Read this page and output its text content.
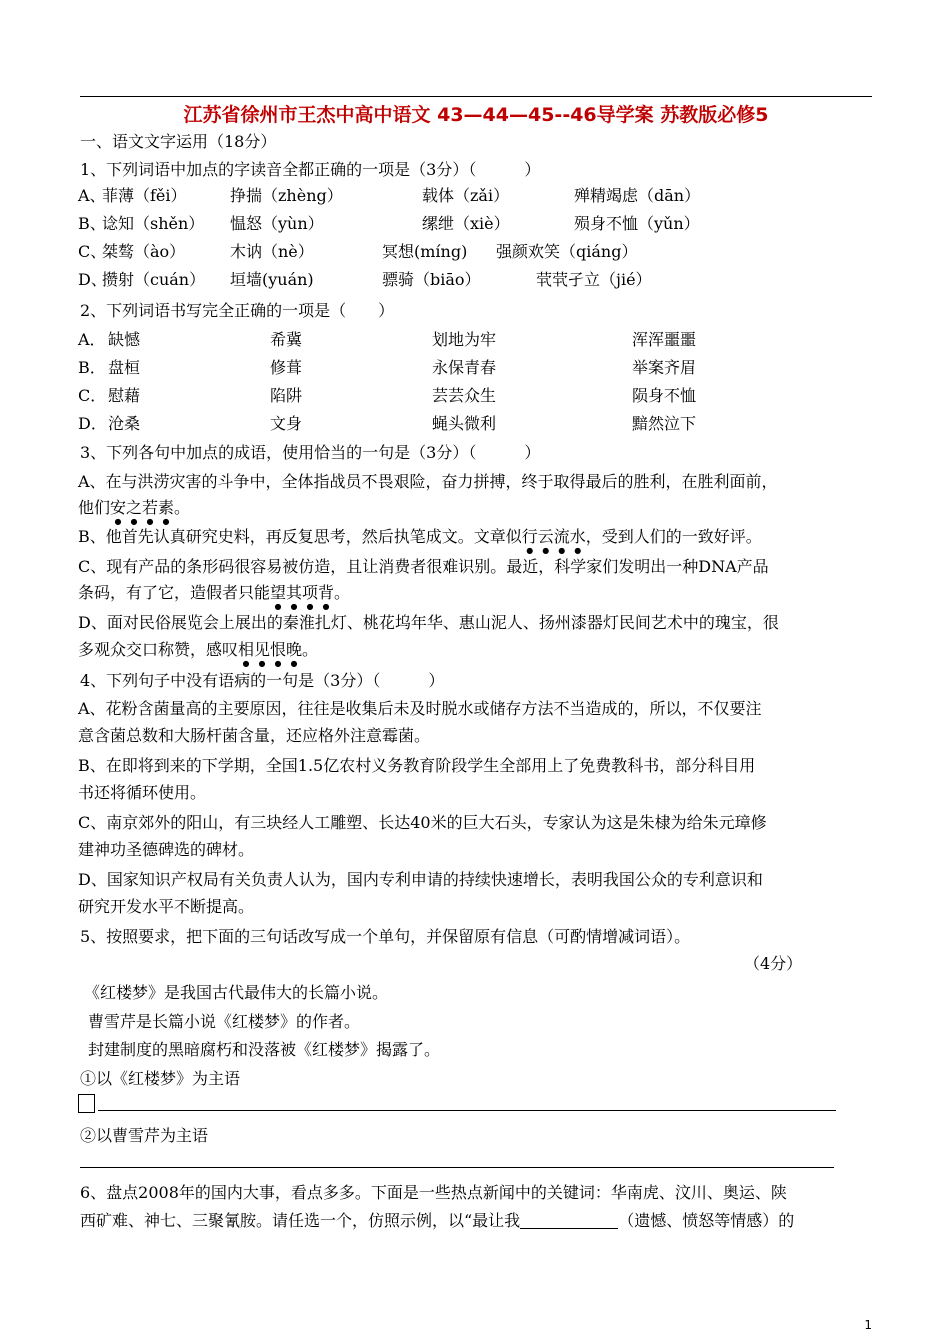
江苏省徐州市王杰中高中语文 43—44—45--46导学案 苏教版必修5
一、语文文字运用（18分）
1、下列词语中加点的字读音全都正确的一项是（3分）（　　　）
A、
菲薄（fěi）	挣揣（zhèng）	载体（zǎi）	殚精竭虑（dān）
B、
谂知（shěn） 愠怒（yùn）	缧绁（xiè）	殒身不恤（yǔn）
C、
桀骜（ào）	木讷（nè）	冥想(míng) 强颜欢笑（qiáng）
D、
攒射（cuán） 垣墙(yuán)	骠骑（biāo）	茕茕孑立（jié）
2、下列词语书写完全正确的一项是（　　）
A． 缺憾	希冀	划地为牢	浑浑噩噩
B． 盘桓	修葺	永保青春	举案齐眉
C． 慰藉	陷阱	芸芸众生	陨身不恤
D． 沧桑	文身	蝇头微利	黯然泣下
3、下列各句中加点的成语，使用恰当的一句是（3分）（　　　）
A、在与洪涝灾害的斗争中，全体指战员不畏艰险，奋力拼搏，终于取得最后的胜利，在胜利面前，
他们安之若素。
B、他首先认真研究史料，再反复思考，然后执笔成文。文章似行云流水，受到人们的一致好评。
C、现有产品的条形码很容易被仿造，且让消费者很难识别。最近，科学家们发明出一种DNA产品
条码，有了它，造假者只能望其项背。
D、面对民俗展览会上展出的秦淮扎灯、桃花坞年华、惠山泥人、扬州漆器灯民间艺术中的瑰宝，很
多观众交口称赞，感叹相见恨晚。
4、下列句子中没有语病的一句是（3分）（　　　）
A、花粉含菌量高的主要原因，往往是收集后未及时脱水或储存方法不当造成的，所以，不仅要注
意含菌总数和大肠杆菌含量，还应格外注意霉菌。
B、在即将到来的下学期，全国1.5亿农村义务教育阶段学生全部用上了免费教科书，部分科目用
书还将循环使用。
C、南京郊外的阳山，有三块经人工雕塑、长达40米的巨大石头，专家认为这是朱棣为给朱元璋修
建神功圣德碑选的碑材。
D、国家知识产权局有关负责人认为，国内专利申请的持续快速增长，表明我国公众的专利意识和
研究开发水平不断提高。
5、按照要求，把下面的三句话改写成一个单句，并保留原有信息（可酌情增减词语）。
（4分）
《红楼梦》是我国古代最伟大的长篇小说。
曹雪芹是长篇小说《红楼梦》的作者。
封建制度的黑暗腐朽和没落被《红楼梦》揭露了。
①以《红楼梦》为主语
②以曹雪芹为主语
6、盘点2008年的国内大事，看点多多。下面是一些热点新闻中的关键词：华南虎、汶川、奥运、陕
西矿难、神七、三聚氰胺。请任选一个，仿照示例，以“最让我	（遗憾、愤怒等情感）的
1
